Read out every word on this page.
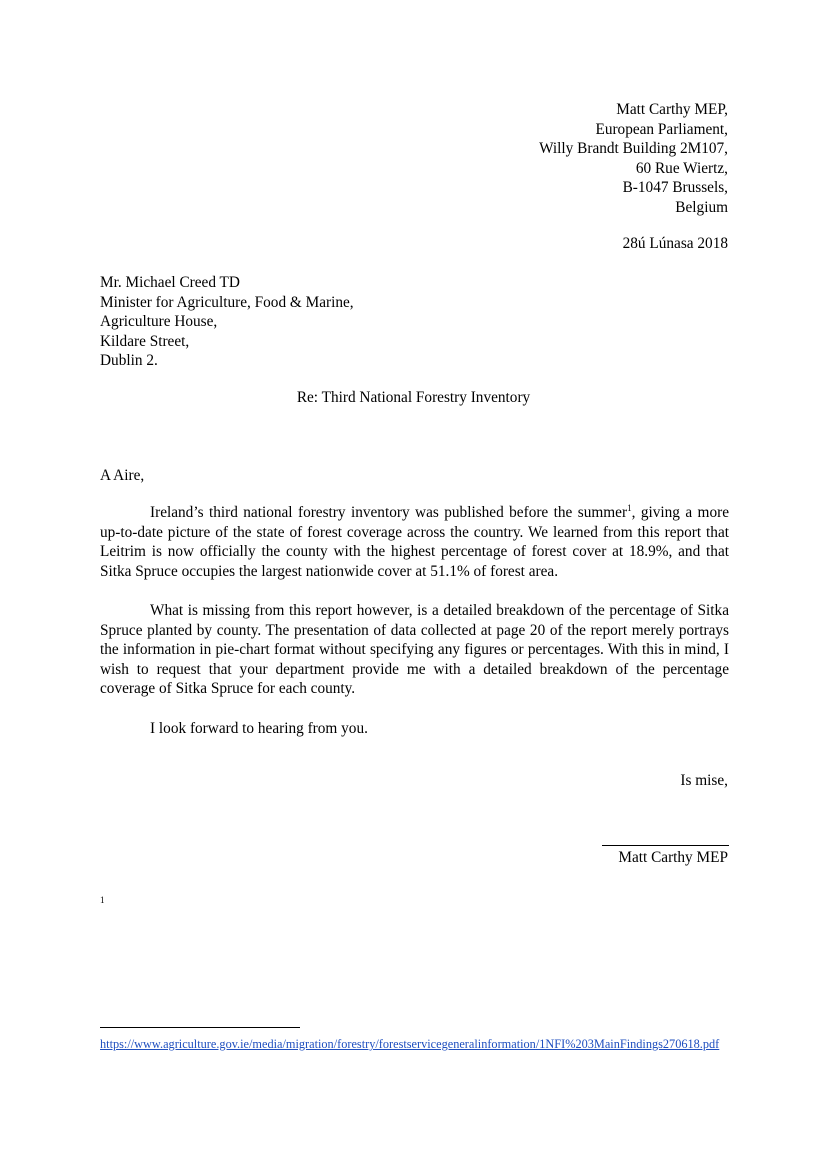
Matt Carthy MEP,
European Parliament,
Willy Brandt Building 2M107,
60 Rue Wiertz,
B-1047 Brussels,
Belgium
28ú Lúnasa 2018
Mr. Michael Creed TD
Minister for Agriculture, Food & Marine,
Agriculture House,
Kildare Street,
Dublin 2.
Re: Third National Forestry Inventory
A Aire,

Ireland’s third national forestry inventory was published before the summer$^1$, giving a more up-to-date picture of the state of forest coverage across the country. We learned from this report that Leitrim is now officially the county with the highest percentage of forest cover at 18.9%, and that Sitka Spruce occupies the largest nationwide cover at 51.1% of forest area.

What is missing from this report however, is a detailed breakdown of the percentage of Sitka Spruce planted by county. The presentation of data collected at page 20 of the report merely portrays the information in pie-chart format without specifying any figures or percentages. With this in mind, I wish to request that your department provide me with a detailed breakdown of the percentage coverage of Sitka Spruce for each county.

I look forward to hearing from you.

Is mise,
Matt Carthy MEP
1
https://www.agriculture.gov.ie/media/migration/forestry/forestservicegeneralinformation/1NFI%203MainFindings270618.pdf
